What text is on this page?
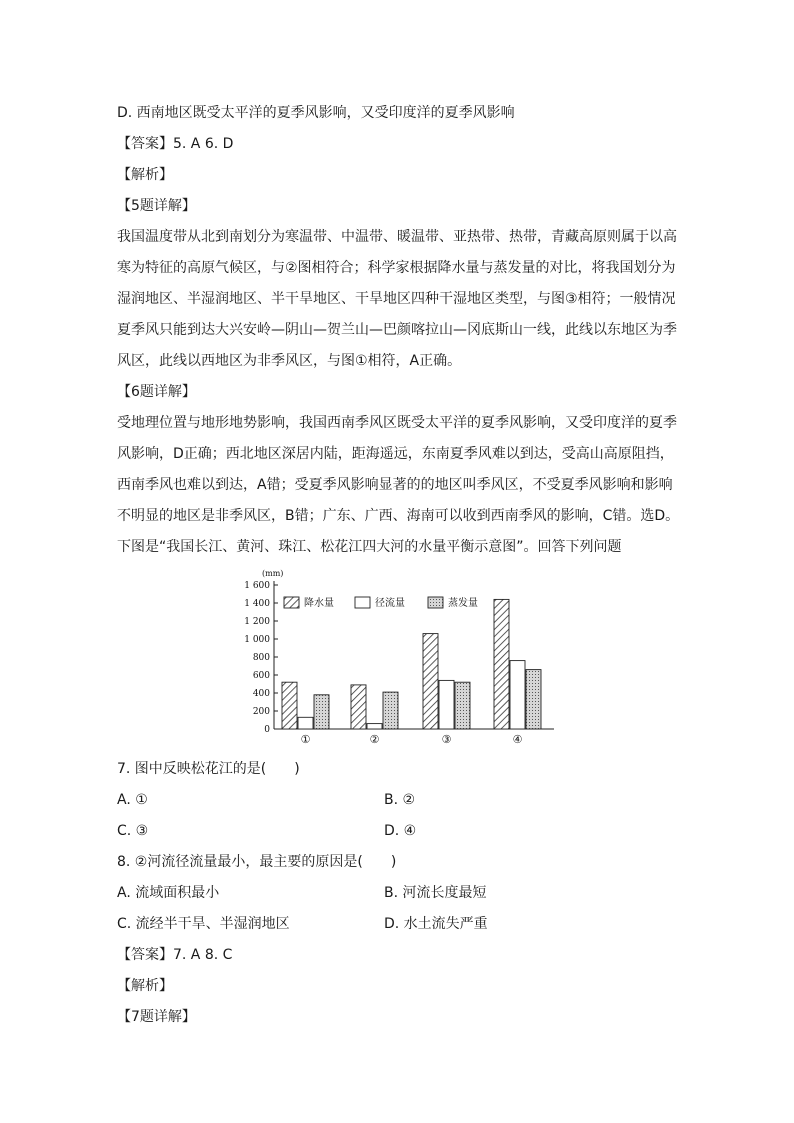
D. 西南地区既受太平洋的夏季风影响，又受印度洋的夏季风影响
【答案】5. A 6. D
【解析】
【5题详解】
我国温度带从北到南划分为寒温带、中温带、暖温带、亚热带、热带，青藏高原则属于以高
寒为特征的高原气候区，与②图相符合；科学家根据降水量与蒸发量的对比，将我国划分为
湿润地区、半湿润地区、半干旱地区、干旱地区四种干湿地区类型，与图③相符；一般情况
夏季风只能到达大兴安岭—阴山—贺兰山—巴颜喀拉山—冈底斯山一线，此线以东地区为季
风区，此线以西地区为非季风区，与图①相符，A正确。
【6题详解】
受地理位置与地形地势影响，我国西南季风区既受太平洋的夏季风影响，又受印度洋的夏季
风影响，D正确；西北地区深居内陆，距海遥远，东南夏季风难以到达，受高山高原阻挡，
西南季风也难以到达，A错；受夏季风影响显著的的地区叫季风区，不受夏季风影响和影响
不明显的地区是非季风区，B错；广东、广西、海南可以收到西南季风的影响，C错。选D。
下图是“我国长江、黄河、珠江、松花江四大河的水量平衡示意图”。回答下列问题
降水量	径流量	蒸发量
(mm)
0
200
400
600
800
1 000
1 200
1 400
1 600
①	②	③	④
7. 图中反映松花江的是(　　)
A. ①	B. ②
C. ③	D. ④
8. ②河流径流量最小，最主要的原因是(　　)
A. 流域面积最小	B. 河流长度最短
C. 流经半干旱、半湿润地区	D. 水土流失严重
【答案】7. A 8. C
【解析】
【7题详解】
